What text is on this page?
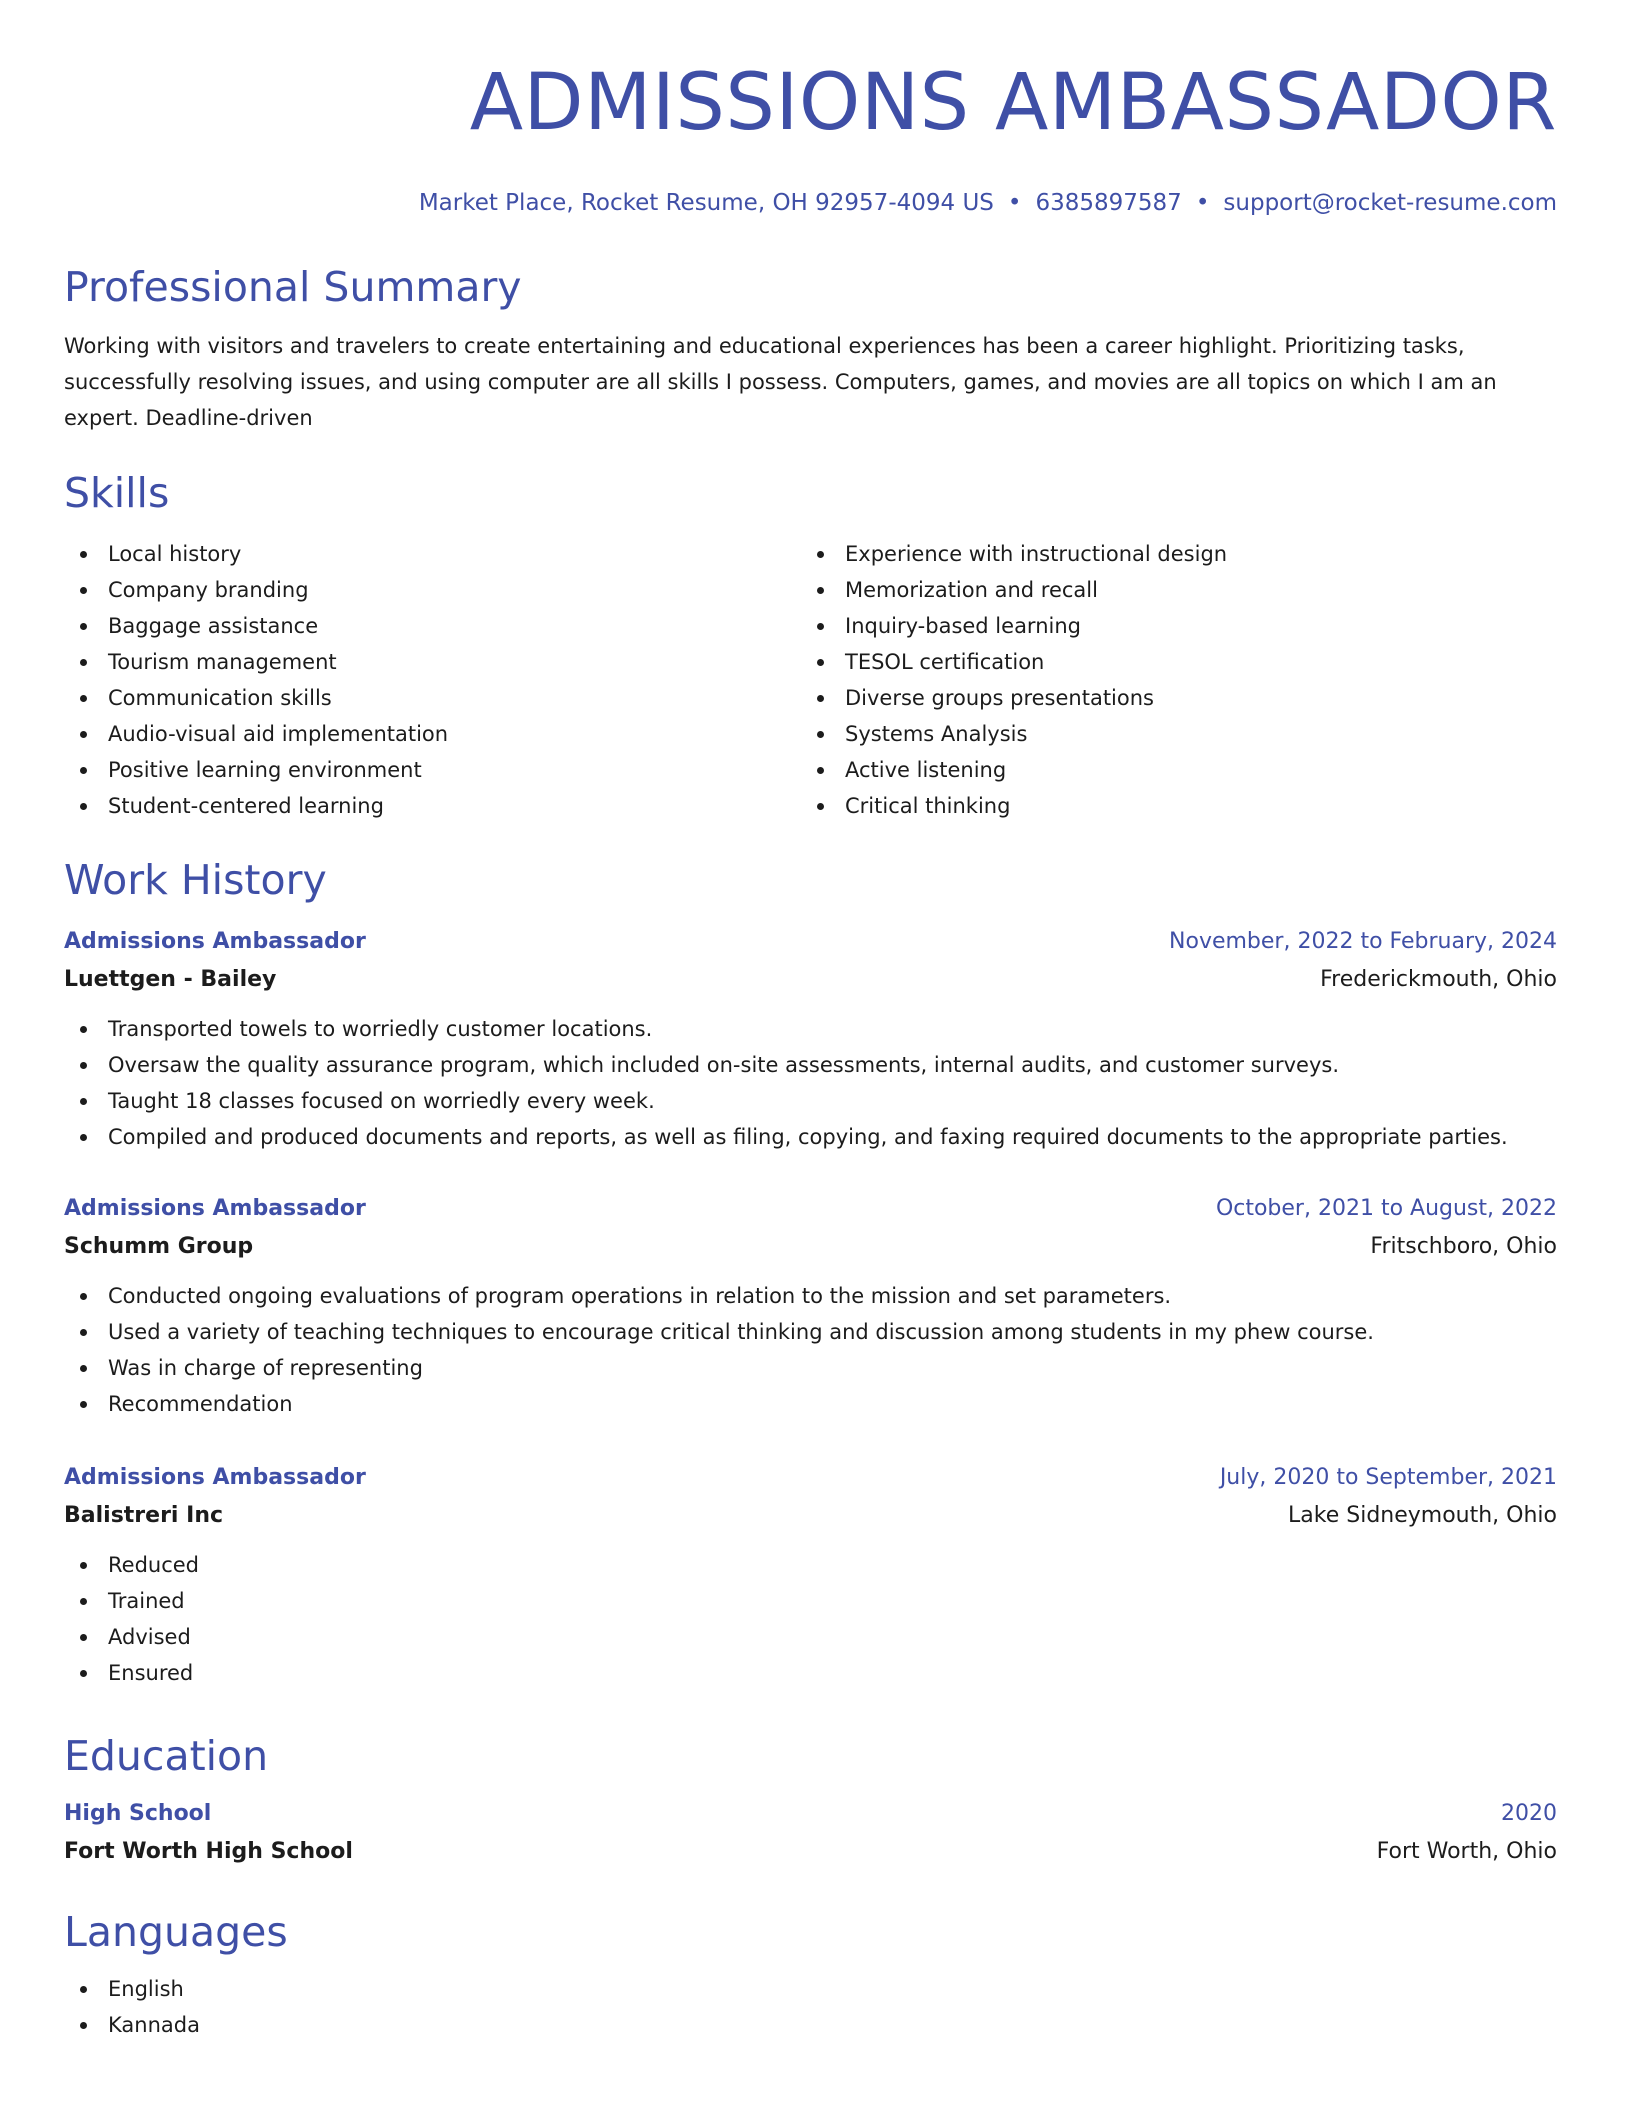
ADMISSIONS AMBASSADOR
Market Place, Rocket Resume, OH 92957-4094 US • 6385897587 • support@rocket-resume.com
Professional Summary

Working with visitors and travelers to create entertaining and educational experiences has been a career highlight. Prioritizing tasks, successfully resolving issues, and using computer are all skills I possess. Computers, games, and movies are all topics on which I am an expert. Deadline-driven

Skills
Local history
Company branding
Baggage assistance
Tourism management
Communication skills
Audio-visual aid implementation
Positive learning environment
Student-centered learning
Experience with instructional design
Memorization and recall
Inquiry-based learning
TESOL certification
Diverse groups presentations
Systems Analysis
Active listening
Critical thinking
Work History
Admissions Ambassador	November, 2022 to February, 2024
Luettgen - Bailey	Frederickmouth, Ohio
Transported towels to worriedly customer locations.
Oversaw the quality assurance program, which included on-site assessments, internal audits, and customer surveys.
Taught 18 classes focused on worriedly every week.
Compiled and produced documents and reports, as well as filing, copying, and faxing required documents to the appropriate parties.
Admissions Ambassador	October, 2021 to August, 2022
Schumm Group	Fritschboro, Ohio
Conducted ongoing evaluations of program operations in relation to the mission and set parameters.
Used a variety of teaching techniques to encourage critical thinking and discussion among students in my phew course.
Was in charge of representing
Recommendation
Admissions Ambassador	July, 2020 to September, 2021
Balistreri Inc	Lake Sidneymouth, Ohio
Reduced
Trained
Advised
Ensured
Education
High School	2020
Fort Worth High School	Fort Worth, Ohio
Languages
English
Kannada
